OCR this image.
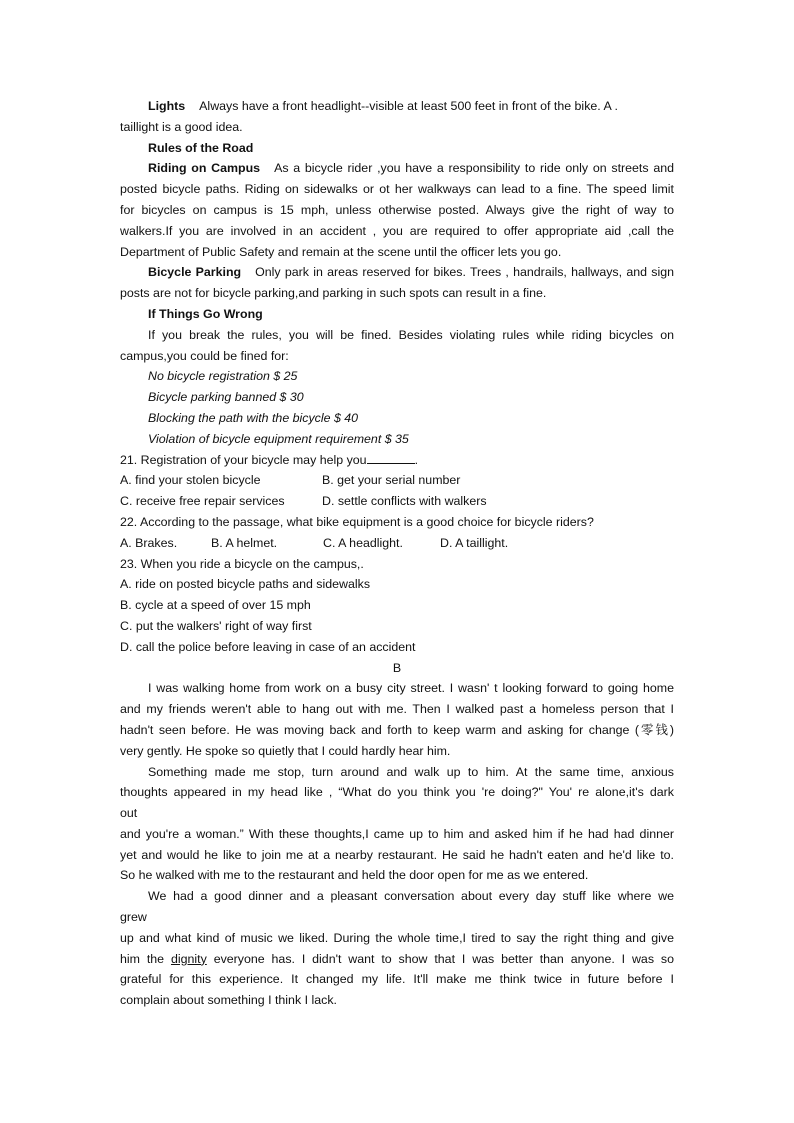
Lights Always have a front headlight--visible at least 500 feet in front of the bike. A .
taillight is a good idea.
Rules of the Road
Riding on Campus As a bicycle rider ,you have a responsibility to ride only on streets and
posted bicycle paths. Riding on sidewalks or ot her walkways can lead to a fine. The speed limit
for bicycles on campus is 15 mph, unless otherwise posted. Always give the right of way to
walkers.If you are involved in an accident , you are required to offer appropriate aid ,call the
Department of Public Safety and remain at the scene until the officer lets you go.
Bicycle Parking Only park in areas reserved for bikes. Trees , handrails, hallways, and sign
posts are not for bicycle parking,and parking in such spots can result in a fine.
If Things Go Wrong
If you break the rules, you will be fined. Besides violating rules while riding bicycles on
campus,you could be fined for:
No bicycle registration $ 25
Bicycle parking banned $ 30
Blocking the path with the bicycle $ 40
Violation of bicycle equipment requirement $ 35
21. Registration of your bicycle may help you	.
A. find your stolen bicycle	B. get your serial number
C. receive free repair services	D. settle conflicts with walkers
22. According to the passage, what bike equipment is a good choice for bicycle riders?
A. Brakes.	B. A helmet.	C. A headlight.	D. A taillight.
23. When you ride a bicycle on the campus,.
A. ride on posted bicycle paths and sidewalks
B. cycle at a speed of over 15 mph
C. put the walkers' right of way first
D. call the police before leaving in case of an accident
B
I was walking home from work on a busy city street. I wasn' t looking forward to going home
and my friends weren't able to hang out with me. Then I walked past a homeless person that I
hadn't seen before. He was moving back and forth to keep warm and asking for change (零钱)
very gently. He spoke so quietly that I could hardly hear him.
Something made me stop, turn around and walk up to him. At the same time, anxious
thoughts appeared in my head like , “What do you think you 're doing?" You' re alone,it's dark
out
and you're a woman.” With these thoughts,I came up to him and asked him if he had had dinner
yet and would he like to join me at a nearby restaurant. He said he hadn't eaten and he'd like to.
So he walked with me to the restaurant and held the door open for me as we entered.
We had a good dinner and a pleasant conversation about every day stuff like where we
grew
up and what kind of music we liked. During the whole time,I tired to say the right thing and give
him the dignity everyone has. I didn't want to show that I was better than anyone. I was so
grateful for this experience. It changed my life. It'll make me think twice in future before I
complain about something I think I lack.
